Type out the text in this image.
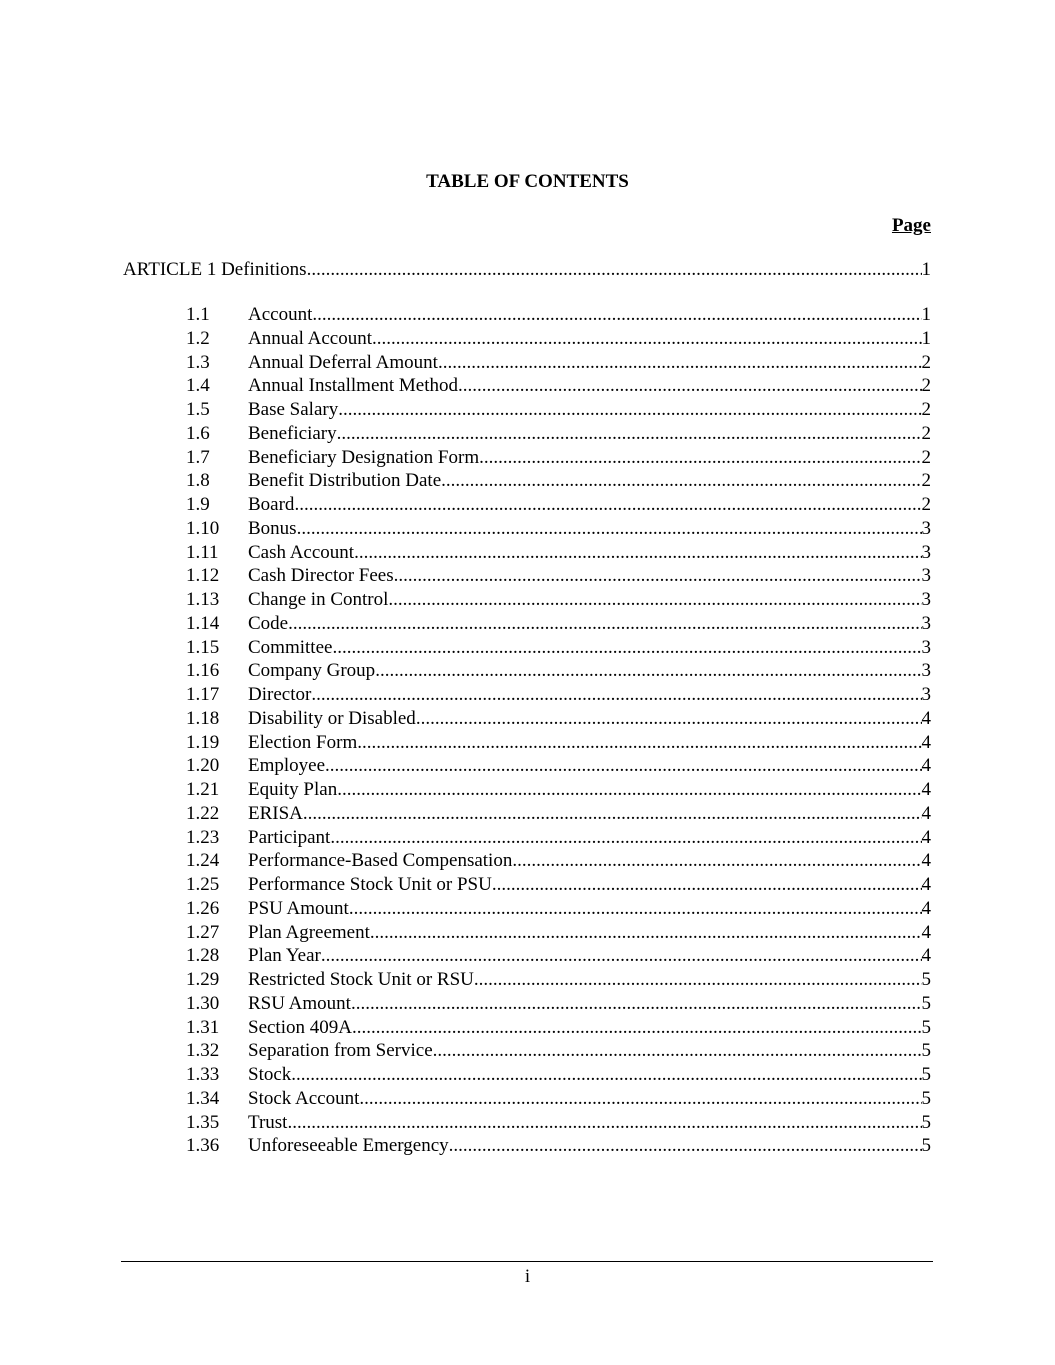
TABLE OF CONTENTS
Page
ARTICLE 1 Definitions .....	1
1.1	Account .....	1
1.2	Annual Account .....	1
1.3	Annual Deferral Amount .....	2
1.4	Annual Installment Method .....	2
1.5	Base Salary .....	2
1.6	Beneficiary .....	2
1.7	Beneficiary Designation Form .....	2
1.8	Benefit Distribution Date .....	2
1.9	Board .....	2
1.10	Bonus .....	3
1.11	Cash Account .....	3
1.12	Cash Director Fees .....	3
1.13	Change in Control .....	3
1.14	Code .....	3
1.15	Committee .....	3
1.16	Company Group .....	3
1.17	Director .....	3
1.18	Disability or Disabled .....	4
1.19	Election Form .....	4
1.20	Employee .....	4
1.21	Equity Plan .....	4
1.22	ERISA .....	4
1.23	Participant .....	4
1.24	Performance-Based Compensation .....	4
1.25	Performance Stock Unit or PSU .....	4
1.26	PSU Amount .....	4
1.27	Plan Agreement .....	4
1.28	Plan Year .....	4
1.29	Restricted Stock Unit or RSU .....	5
1.30	RSU Amount .....	5
1.31	Section 409A .....	5
1.32	Separation from Service .....	5
1.33	Stock .....	5
1.34	Stock Account .....	5
1.35	Trust .....	5
1.36	Unforeseeable Emergency .....	5
i
